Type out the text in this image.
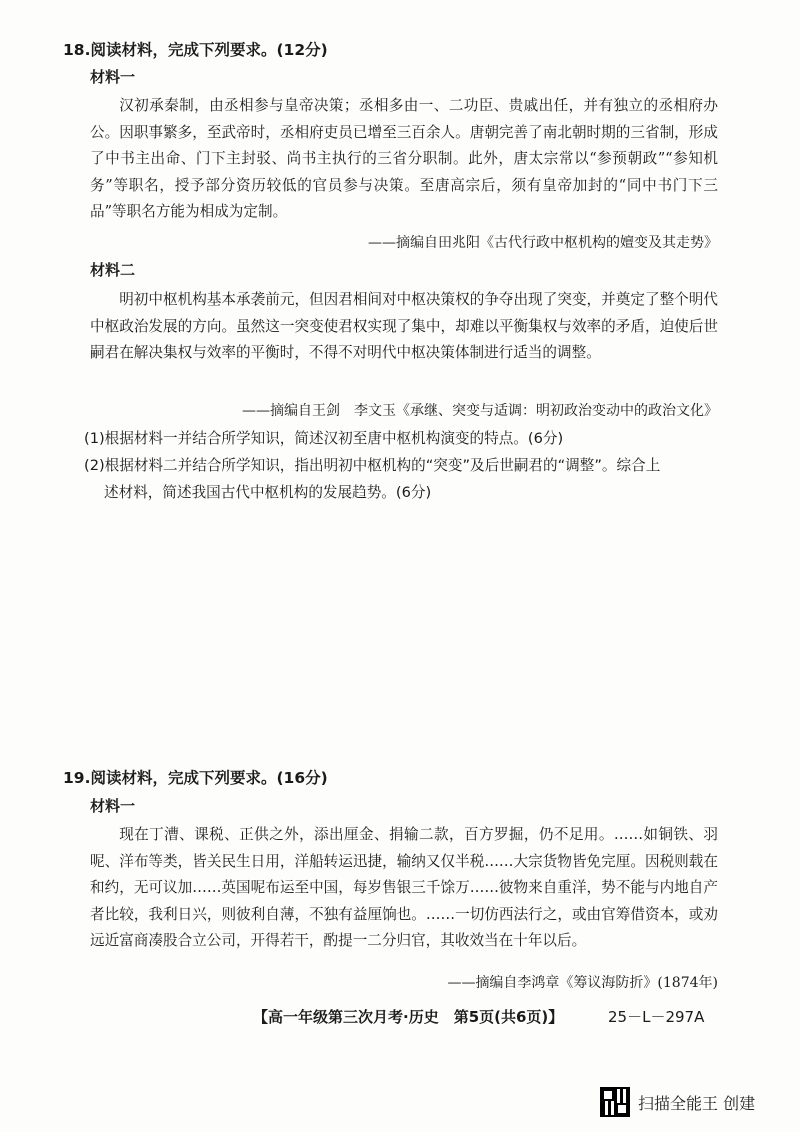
18.阅读材料，完成下列要求。(12分)
材料一

汉初承秦制，由丞相参与皇帝决策；丞相多由一、二功臣、贵戚出任，并有独立的丞相府办公。因职事繁多，至武帝时，丞相府吏员已增至三百余人。唐朝完善了南北朝时期的三省制，形成了中书主出命、门下主封驳、尚书主执行的三省分职制。此外，唐太宗常以“参预朝政”“参知机务”等职名，授予部分资历较低的官员参与决策。至唐高宗后，须有皇帝加封的“同中书门下三品”等职名方能为相成为定制。

——摘编自田兆阳《古代行政中枢机构的嬗变及其走势》
材料二

明初中枢机构基本承袭前元，但因君相间对中枢决策权的争夺出现了突变，并奠定了整个明代中枢政治发展的方向。虽然这一突变使君权实现了集中，却难以平衡集权与效率的矛盾，迫使后世嗣君在解决集权与效率的平衡时，不得不对明代中枢决策体制进行适当的调整。

——摘编自王剑　李文玉《承继、突变与适调：明初政治变动中的政治文化》

(1)根据材料一并结合所学知识，简述汉初至唐中枢机构演变的特点。(6分)

(2)根据材料二并结合所学知识，指出明初中枢机构的“突变”及后世嗣君的“调整”。综合上
述材料，简述我国古代中枢机构的发展趋势。(6分)
19.阅读材料，完成下列要求。(16分)
材料一

现在丁漕、课税、正供之外，添出厘金、捐输二款，百方罗掘，仍不足用。……如铜铁、羽呢、洋布等类，皆关民生日用，洋船转运迅捷，输纳又仅半税……大宗货物皆免完厘。因税则载在和约，无可议加……英国呢布运至中国，每岁售银三千馀万……彼物来自重洋，势不能与内地自产者比较，我利日兴，则彼利自薄，不独有益厘饷也。……一切仿西法行之，或由官筹借资本，或劝远近富商凑股合立公司，开得若干，酌提一二分归官，其收效当在十年以后。

——摘编自李鸿章《筹议海防折》(1874年)
【高一年级第三次月考·历史　第5页(共6页)】	25－L－297A
扫描全能王 创建
